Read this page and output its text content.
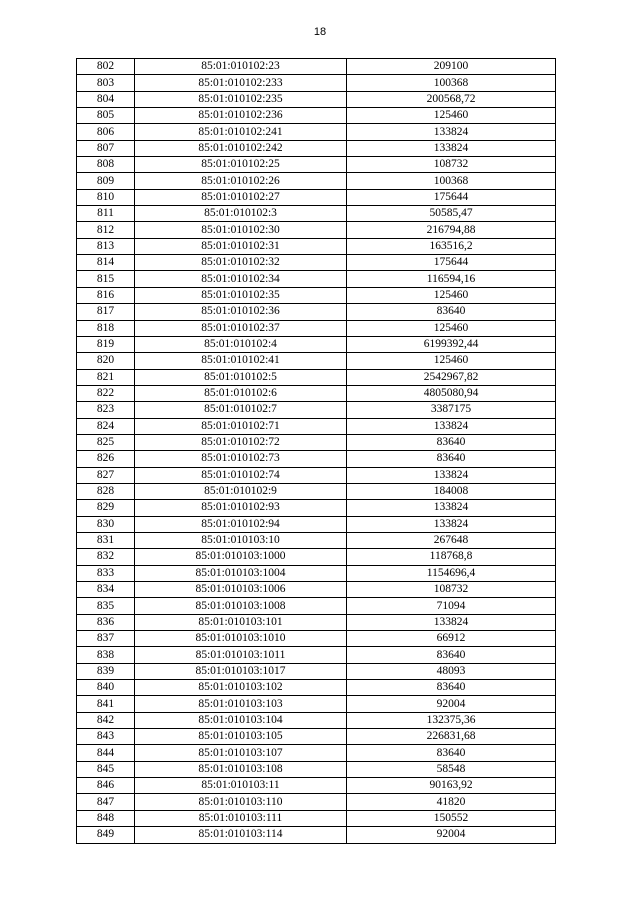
18
802	85:01:010102:23	209100
803	85:01:010102:233	100368
804	85:01:010102:235	200568,72
805	85:01:010102:236	125460
806	85:01:010102:241	133824
807	85:01:010102:242	133824
808	85:01:010102:25	108732
809	85:01:010102:26	100368
810	85:01:010102:27	175644
811	85:01:010102:3	50585,47
812	85:01:010102:30	216794,88
813	85:01:010102:31	163516,2
814	85:01:010102:32	175644
815	85:01:010102:34	116594,16
816	85:01:010102:35	125460
817	85:01:010102:36	83640
818	85:01:010102:37	125460
819	85:01:010102:4	6199392,44
820	85:01:010102:41	125460
821	85:01:010102:5	2542967,82
822	85:01:010102:6	4805080,94
823	85:01:010102:7	3387175
824	85:01:010102:71	133824
825	85:01:010102:72	83640
826	85:01:010102:73	83640
827	85:01:010102:74	133824
828	85:01:010102:9	184008
829	85:01:010102:93	133824
830	85:01:010102:94	133824
831	85:01:010103:10	267648
832	85:01:010103:1000	118768,8
833	85:01:010103:1004	1154696,4
834	85:01:010103:1006	108732
835	85:01:010103:1008	71094
836	85:01:010103:101	133824
837	85:01:010103:1010	66912
838	85:01:010103:1011	83640
839	85:01:010103:1017	48093
840	85:01:010103:102	83640
841	85:01:010103:103	92004
842	85:01:010103:104	132375,36
843	85:01:010103:105	226831,68
844	85:01:010103:107	83640
845	85:01:010103:108	58548
846	85:01:010103:11	90163,92
847	85:01:010103:110	41820
848	85:01:010103:111	150552
849	85:01:010103:114	92004
